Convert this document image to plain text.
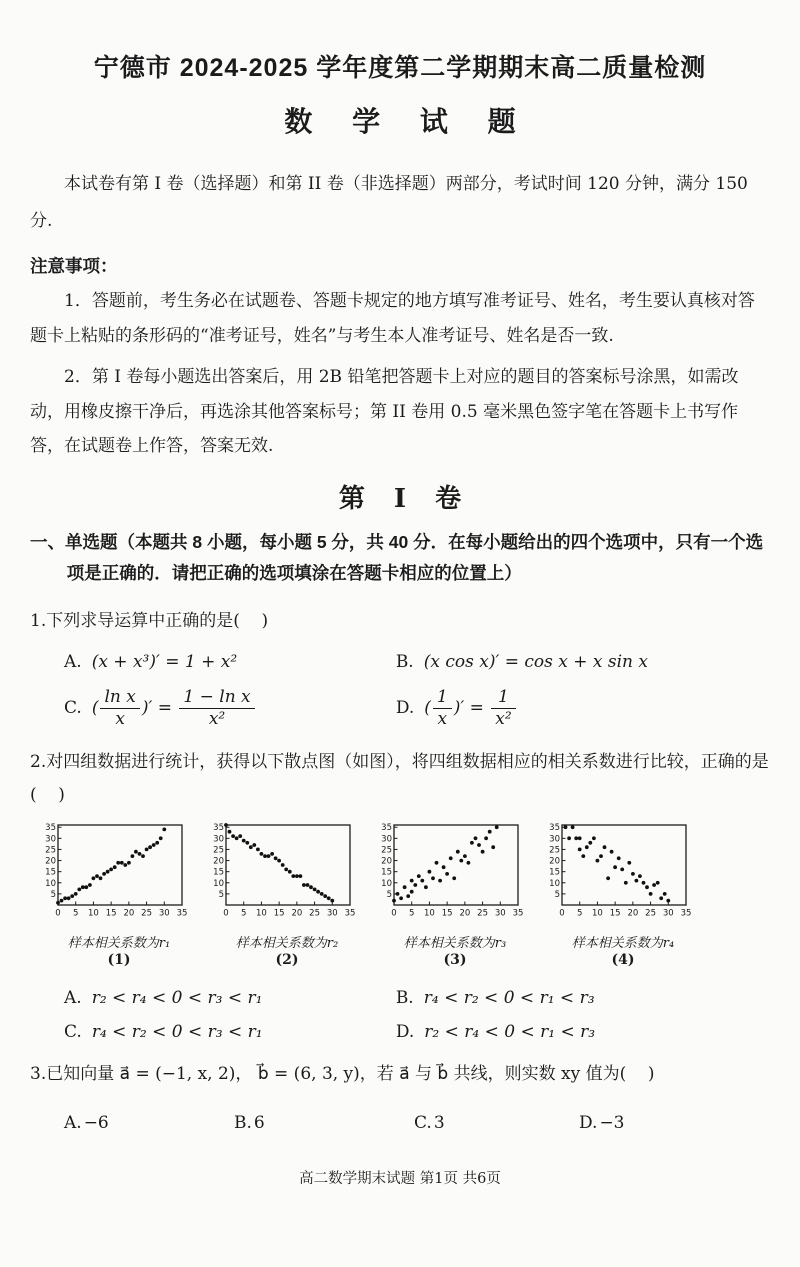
宁德市 2024-2025 学年度第二学期期末高二质量检测
数 学 试 题

本试卷有第 I 卷（选择题）和第 II 卷（非选择题）两部分，考试时间 120 分钟，满分 150 分.

注意事项：

1．答题前，考生务必在试题卷、答题卡规定的地方填写准考证号、姓名，考生要认真核对答题卡上粘贴的条形码的“准考证号，姓名”与考生本人准考证号、姓名是否一致.

2．第 I 卷每小题选出答案后，用 2B 铅笔把答题卡上对应的题目的答案标号涂黑，如需改动，用橡皮擦干净后，再选涂其他答案标号；第 II 卷用 0.5 毫米黑色签字笔在答题卡上书写作答，在试题卷上作答，答案无效.

第 I 卷

一、单选题（本题共 8 小题，每小题 5 分，共 40 分．在每小题给出的四个选项中，只有一个选项是正确的．请把正确的选项填涂在答题卡相应的位置上）

1.下列求导运算中正确的是(    )

A. (x + x³)′ = 1 + x²	B. (x cos x)′ = cos x + x sin x
C. ( $\frac{\text{ln x}}{x}$ )′ = $\frac{\text{1 − ln x}}{\text{x²}}$	D. ( $\frac{1}{x}$ )′ = $\frac{1}{\text{x²}}$

2.对四组数据进行统计，获得以下散点图（如图），将四组数据相应的相关系数进行比较，正确的是(    )

5
10
15
20
25
30
35
0 5 10 15 20 25 30 35
样本相关系数为r₁
(1)
5
10
15
20
25
30
35
0 5 10 15 20 25 30 35
样本相关系数为r₂
(2)
5
10
15
20
25
30
35
0 5 10 15 20 25 30 35
样本相关系数为r₃
(3)
5
10
15
20
25
30
35
0 5 10 15 20 25 30 35
样本相关系数为r₄
(4)
A. r₂ < r₄ < 0 < r₃ < r₁	B. r₄ < r₂ < 0 < r₁ < r₃
C. r₄ < r₂ < 0 < r₃ < r₁	D. r₂ < r₄ < 0 < r₁ < r₃

3.已知向量 a⃗ = (−1, x, 2)， b⃗ = (6, 3, y)，若 a⃗ 与 b⃗ 共线，则实数 xy 值为(    )

A. −6	B. 6	C. 3	D. −3
高二数学期末试题 第1页 共6页
